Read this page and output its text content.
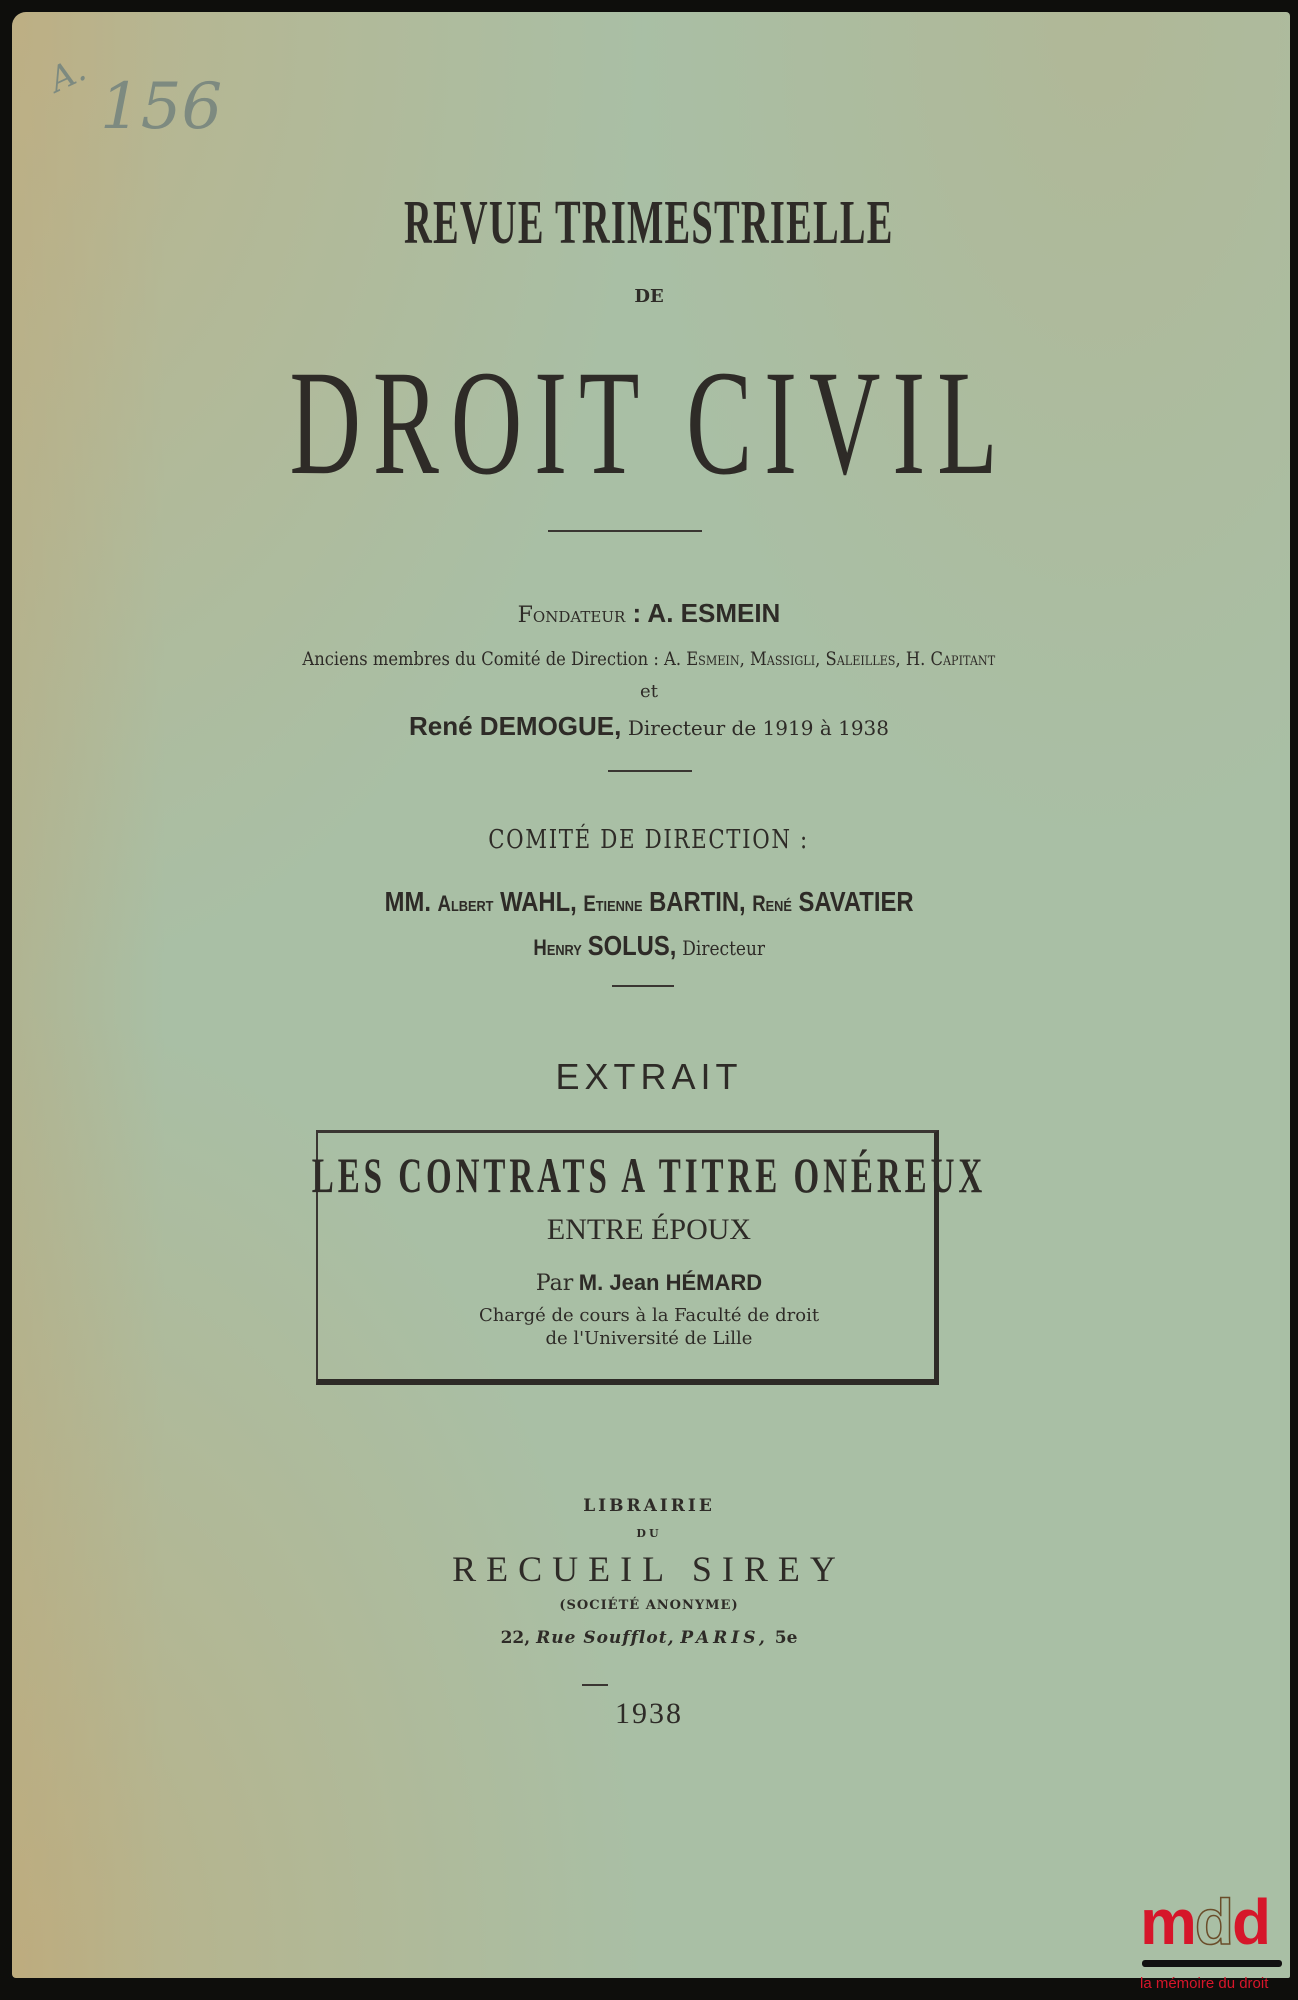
A. 156
REVUE TRIMESTRIELLE
DE
DROIT CIVIL
Fondateur : A. ESMEIN
Anciens membres du Comité de Direction : A. Esmein, Massigli, Saleilles, H. Capitant
et
René DEMOGUE, Directeur de 1919 à 1938
COMITÉ DE DIRECTION :
MM. Albert WAHL, Etienne BARTIN, René SAVATIER
Henry SOLUS, Directeur
EXTRAIT
LES CONTRATS A TITRE ONÉREUX
ENTRE ÉPOUX
Par M. Jean HÉMARD
Chargé de cours à la Faculté de droit
de l'Université de Lille
LIBRAIRIE
DU
RECUEIL SIREY
(SOCIÉTÉ ANONYME)
22, Rue Soufflot, PARIS, 5e
1938
mdd
la mémoire du droit
